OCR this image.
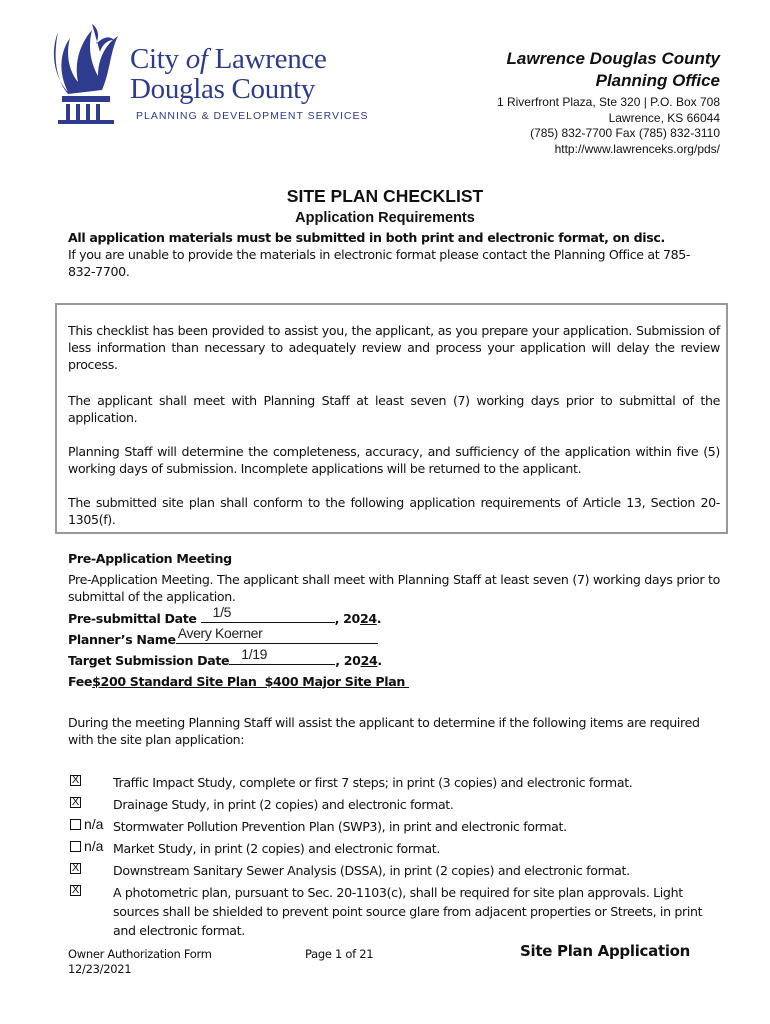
City of Lawrence
Douglas County
PLANNING & DEVELOPMENT SERVICES
Lawrence Douglas County
Planning Office
1 Riverfront Plaza, Ste 320 | P.O. Box 708
Lawrence, KS 66044
(785) 832-7700 Fax (785) 832-3110
http://www.lawrenceks.org/pds/
SITE PLAN CHECKLIST
Application Requirements
All application materials must be submitted in both print and electronic format, on disc.
If you are unable to provide the materials in electronic format please contact the Planning Office at 785-832-7700.
This checklist has been provided to assist you, the applicant, as you prepare your application. Submission of less information than necessary to adequately review and process your application will delay the review process.
The applicant shall meet with Planning Staff at least seven (7) working days prior to submittal of the application.
Planning Staff will determine the completeness, accuracy, and sufficiency of the application within five (5) working days of submission. Incomplete applications will be returned to the applicant.
The submitted site plan shall conform to the following application requirements of Article 13, Section 20-1305(f).
Pre-Application Meeting
Pre-Application Meeting. The applicant shall meet with Planning Staff at least seven (7) working days prior to submittal of the application.
Pre-submittal Date 1/5	, 2024.
Planner’s Name Avery Koerner
Target Submission Date 1/19	, 2024.
Fee$200 Standard Site Plan  $400 Major Site Plan
During the meeting Planning Staff will assist the applicant to determine if the following items are required with the site plan application:
X	Traffic Impact Study, complete or first 7 steps; in print (3 copies) and electronic format.
X	Drainage Study, in print (2 copies) and electronic format.
n/a Stormwater Pollution Prevention Plan (SWP3), in print and electronic format.
n/a Market Study, in print (2 copies) and electronic format.
X	Downstream Sanitary Sewer Analysis (DSSA), in print (2 copies) and electronic format.
X	A photometric plan, pursuant to Sec. 20-1103(c), shall be required for site plan approvals. Light sources shall be shielded to prevent point source glare from adjacent properties or Streets, in print and electronic format.
Owner Authorization Form
12/23/2021
Page 1 of 21	Site Plan Application
